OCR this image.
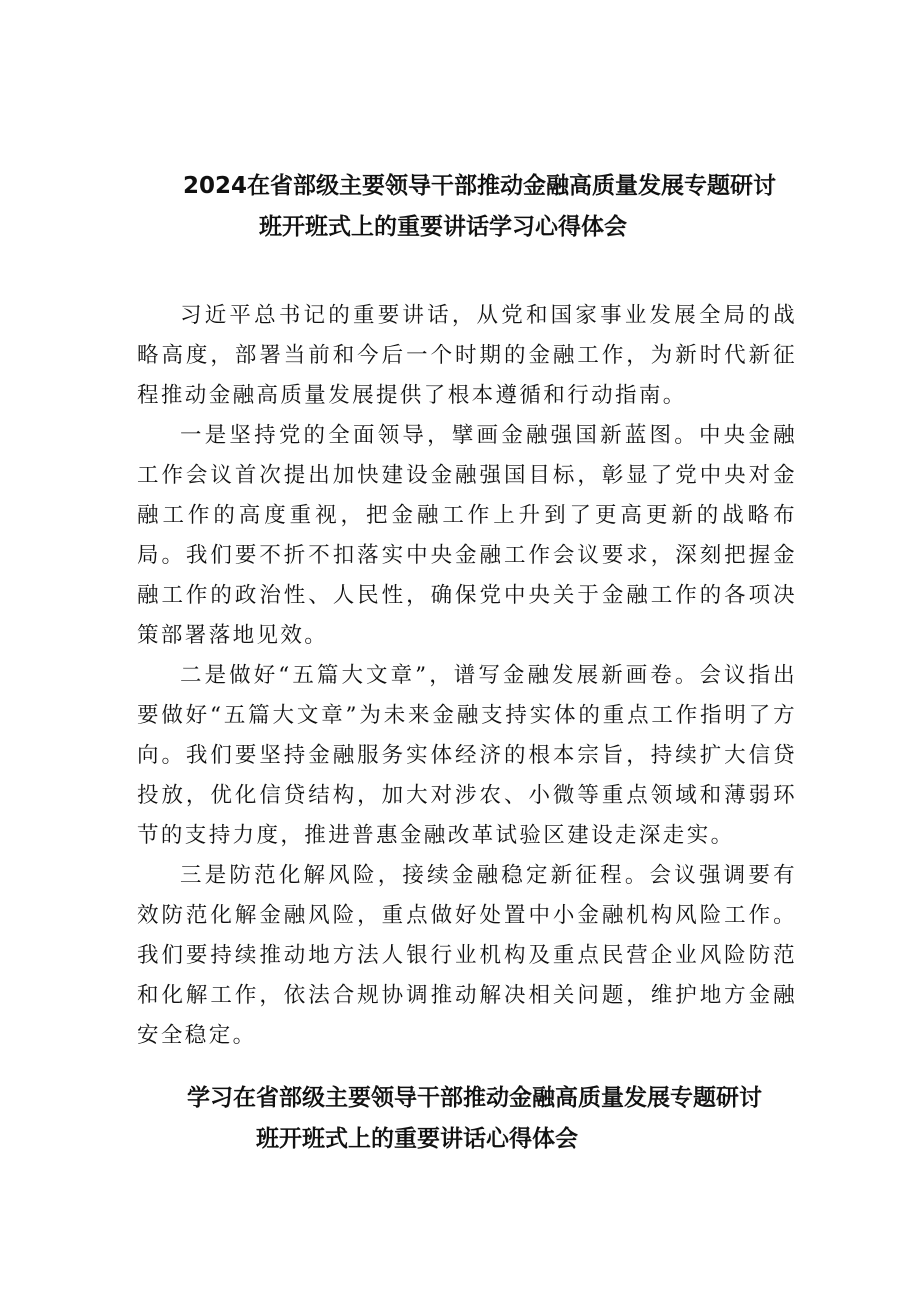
2024在省部级主要领导干部推动金融高质量发展专题研讨
班开班式上的重要讲话学习心得体会

习近平总书记的重要讲话，从党和国家事业发展全局的战略高度，部署当前和今后一个时期的金融工作，为新时代新征程推动金融高质量发展提供了根本遵循和行动指南。

一是坚持党的全面领导，擘画金融强国新蓝图。中央金融工作会议首次提出加快建设金融强国目标，彰显了党中央对金融工作的高度重视，把金融工作上升到了更高更新的战略布局。我们要不折不扣落实中央金融工作会议要求，深刻把握金融工作的政治性、人民性，确保党中央关于金融工作的各项决策部署落地见效。

二是做好“五篇大文章”，谱写金融发展新画卷。会议指出要做好“五篇大文章”为未来金融支持实体的重点工作指明了方向。我们要坚持金融服务实体经济的根本宗旨，持续扩大信贷投放，优化信贷结构，加大对涉农、小微等重点领域和薄弱环节的支持力度，推进普惠金融改革试验区建设走深走实。

三是防范化解风险，接续金融稳定新征程。会议强调要有效防范化解金融风险，重点做好处置中小金融机构风险工作。我们要持续推动地方法人银行业机构及重点民营企业风险防范和化解工作，依法合规协调推动解决相关问题，维护地方金融安全稳定。

学习在省部级主要领导干部推动金融高质量发展专题研讨
班开班式上的重要讲话心得体会
